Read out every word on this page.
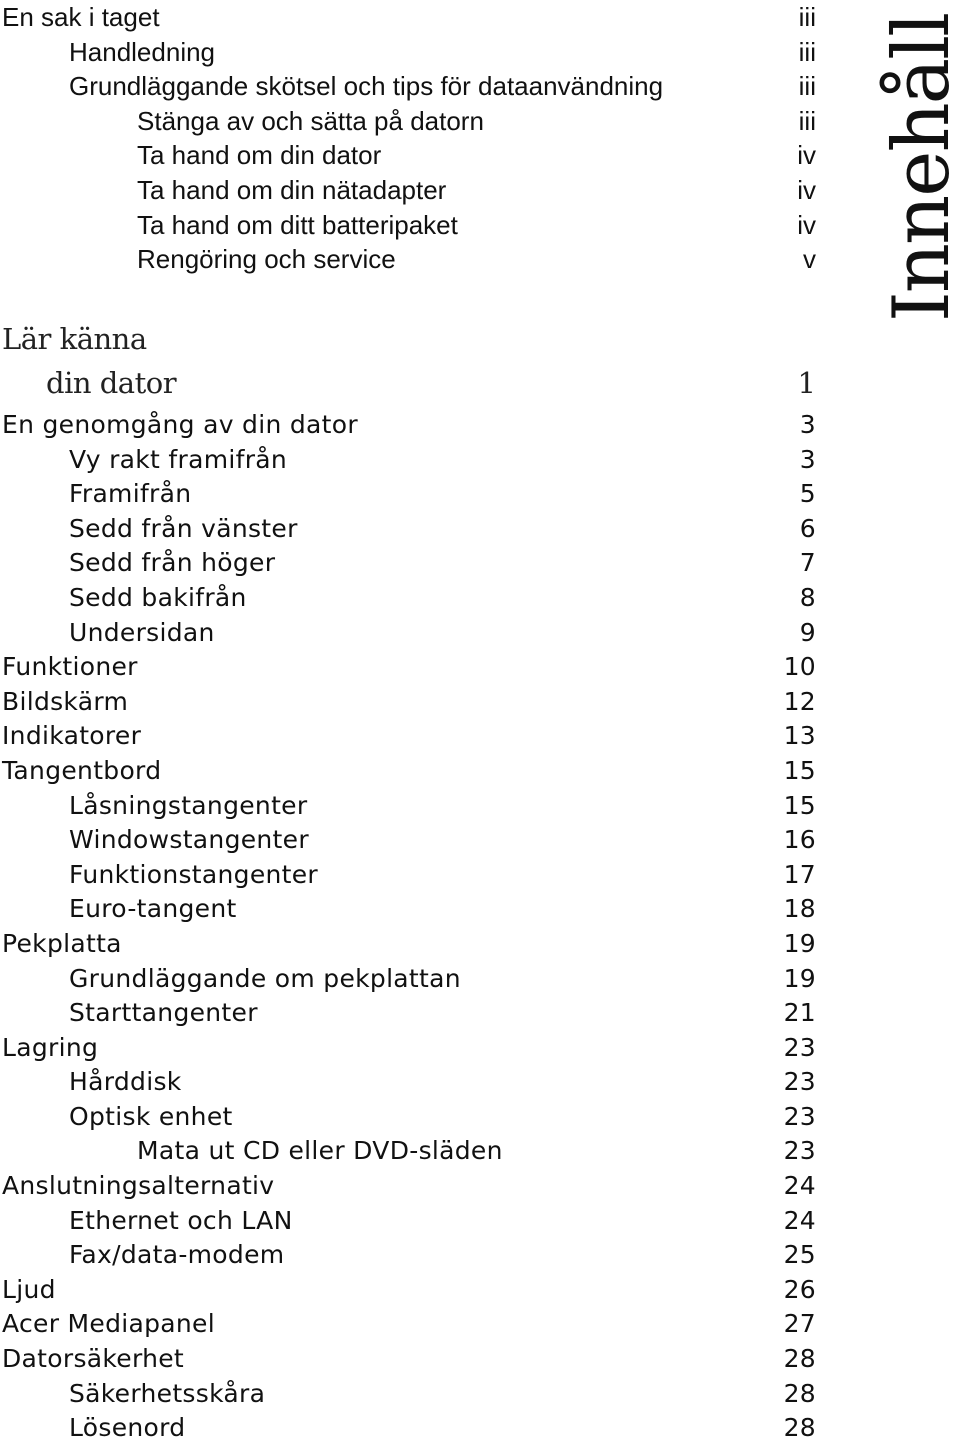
En sak i taget	iii
Handledning	iii
Grundläggande skötsel och tips för dataanvändning	iii
Stänga av och sätta på datorn	iii
Ta hand om din dator	iv
Ta hand om din nätadapter	iv
Ta hand om ditt batteripaket	iv
Rengöring och service	v
Lär känna
din dator	1
En genomgång av din dator	3
Vy rakt framifrån	3
Framifrån	5
Sedd från vänster	6
Sedd från höger	7
Sedd bakifrån	8
Undersidan	9
Funktioner	10
Bildskärm	12
Indikatorer	13
Tangentbord	15
Låsningstangenter	15
Windowstangenter	16
Funktionstangenter	17
Euro-tangent	18
Pekplatta	19
Grundläggande om pekplattan	19
Starttangenter	21
Lagring	23
Hårddisk	23
Optisk enhet	23
Mata ut CD eller DVD-släden	23
Anslutningsalternativ	24
Ethernet och LAN	24
Fax/data-modem	25
Ljud	26
Acer Mediapanel	27
Datorsäkerhet	28
Säkerhetsskåra	28
Lösenord	28
Innehåll
